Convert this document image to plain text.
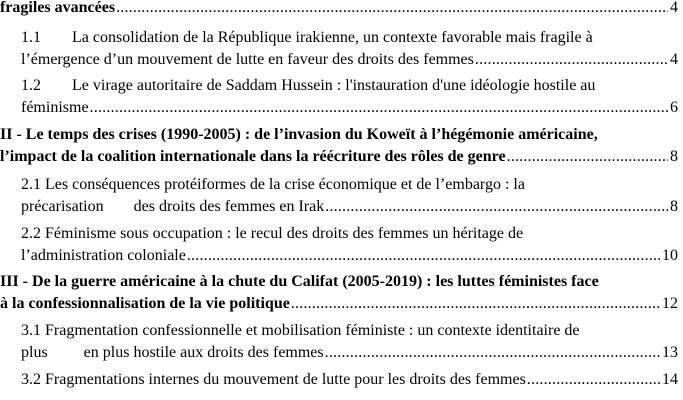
fragiles avancées .....	4
1.1	La consolidation de la République irakienne, un contexte favorable mais fragile à
l’émergence d’un mouvement de lutte en faveur des droits des femmes .....	4
1.2	Le virage autoritaire de Saddam Hussein : l'instauration d'une idéologie hostile au
féminisme .....	6
II - Le temps des crises (1990-2005) : de l’invasion du Koweït à l’hégémonie américaine,
l’impact de la coalition internationale dans la réécriture des rôles de genre .....	8
2.1 Les conséquences protéiformes de la crise économique et de l’embargo : la
précarisation des droits des femmes en Irak .....	8
2.2 Féminisme sous occupation : le recul des droits des femmes un héritage de
l’administration coloniale .....	10
III - De la guerre américaine à la chute du Califat (2005-2019) : les luttes féministes face
à la confessionnalisation de la vie politique .....	12
3.1 Fragmentation confessionnelle et mobilisation féministe : un contexte identitaire de
plus en plus hostile aux droits des femmes .....	13
3.2 Fragmentations internes du mouvement de lutte pour les droits des femmes .....	14
